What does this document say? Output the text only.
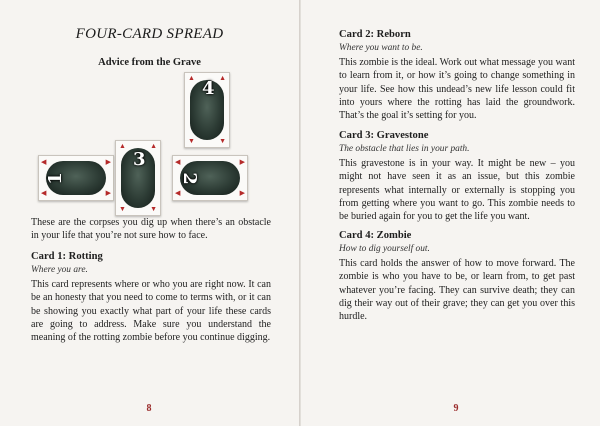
FOUR-CARD SPREAD
Advice from the Grave
4
▲	▲
▼	▼
1
◀
◀
▶
▶
3
▲	▲
▼	▼
2
◀
◀
▶
▶
These are the corpses you dig up when there’s an obstacle in your life that you’re not sure how to face.
Card 1: Rotting
Where you are.
This card represents where or who you are right now. It can be an honesty that you need to come to terms with, or it can be showing you exactly what part of your life these cards are going to address. Make sure you understand the meaning of the rotting zombie before you continue digging.
8
Card 2: Reborn
Where you want to be.
This zombie is the ideal. Work out what message you want to learn from it, or how it’s going to change something in your life. See how this undead’s new life lesson could fit into yours where the rotting has laid the groundwork. That’s the goal it’s setting for you.
Card 3: Gravestone
The obstacle that lies in your path.
This gravestone is in your way. It might be new – you might not have seen it as an issue, but this zombie represents what internally or externally is stopping you from getting where you want to go. This zombie needs to be buried again for you to get the life you want.
Card 4: Zombie
How to dig yourself out.
This card holds the answer of how to move forward. The zombie is who you have to be, or learn from, to get past whatever you’re facing. They can survive death; they can dig their way out of their grave; they can get you over this hurdle.
9
